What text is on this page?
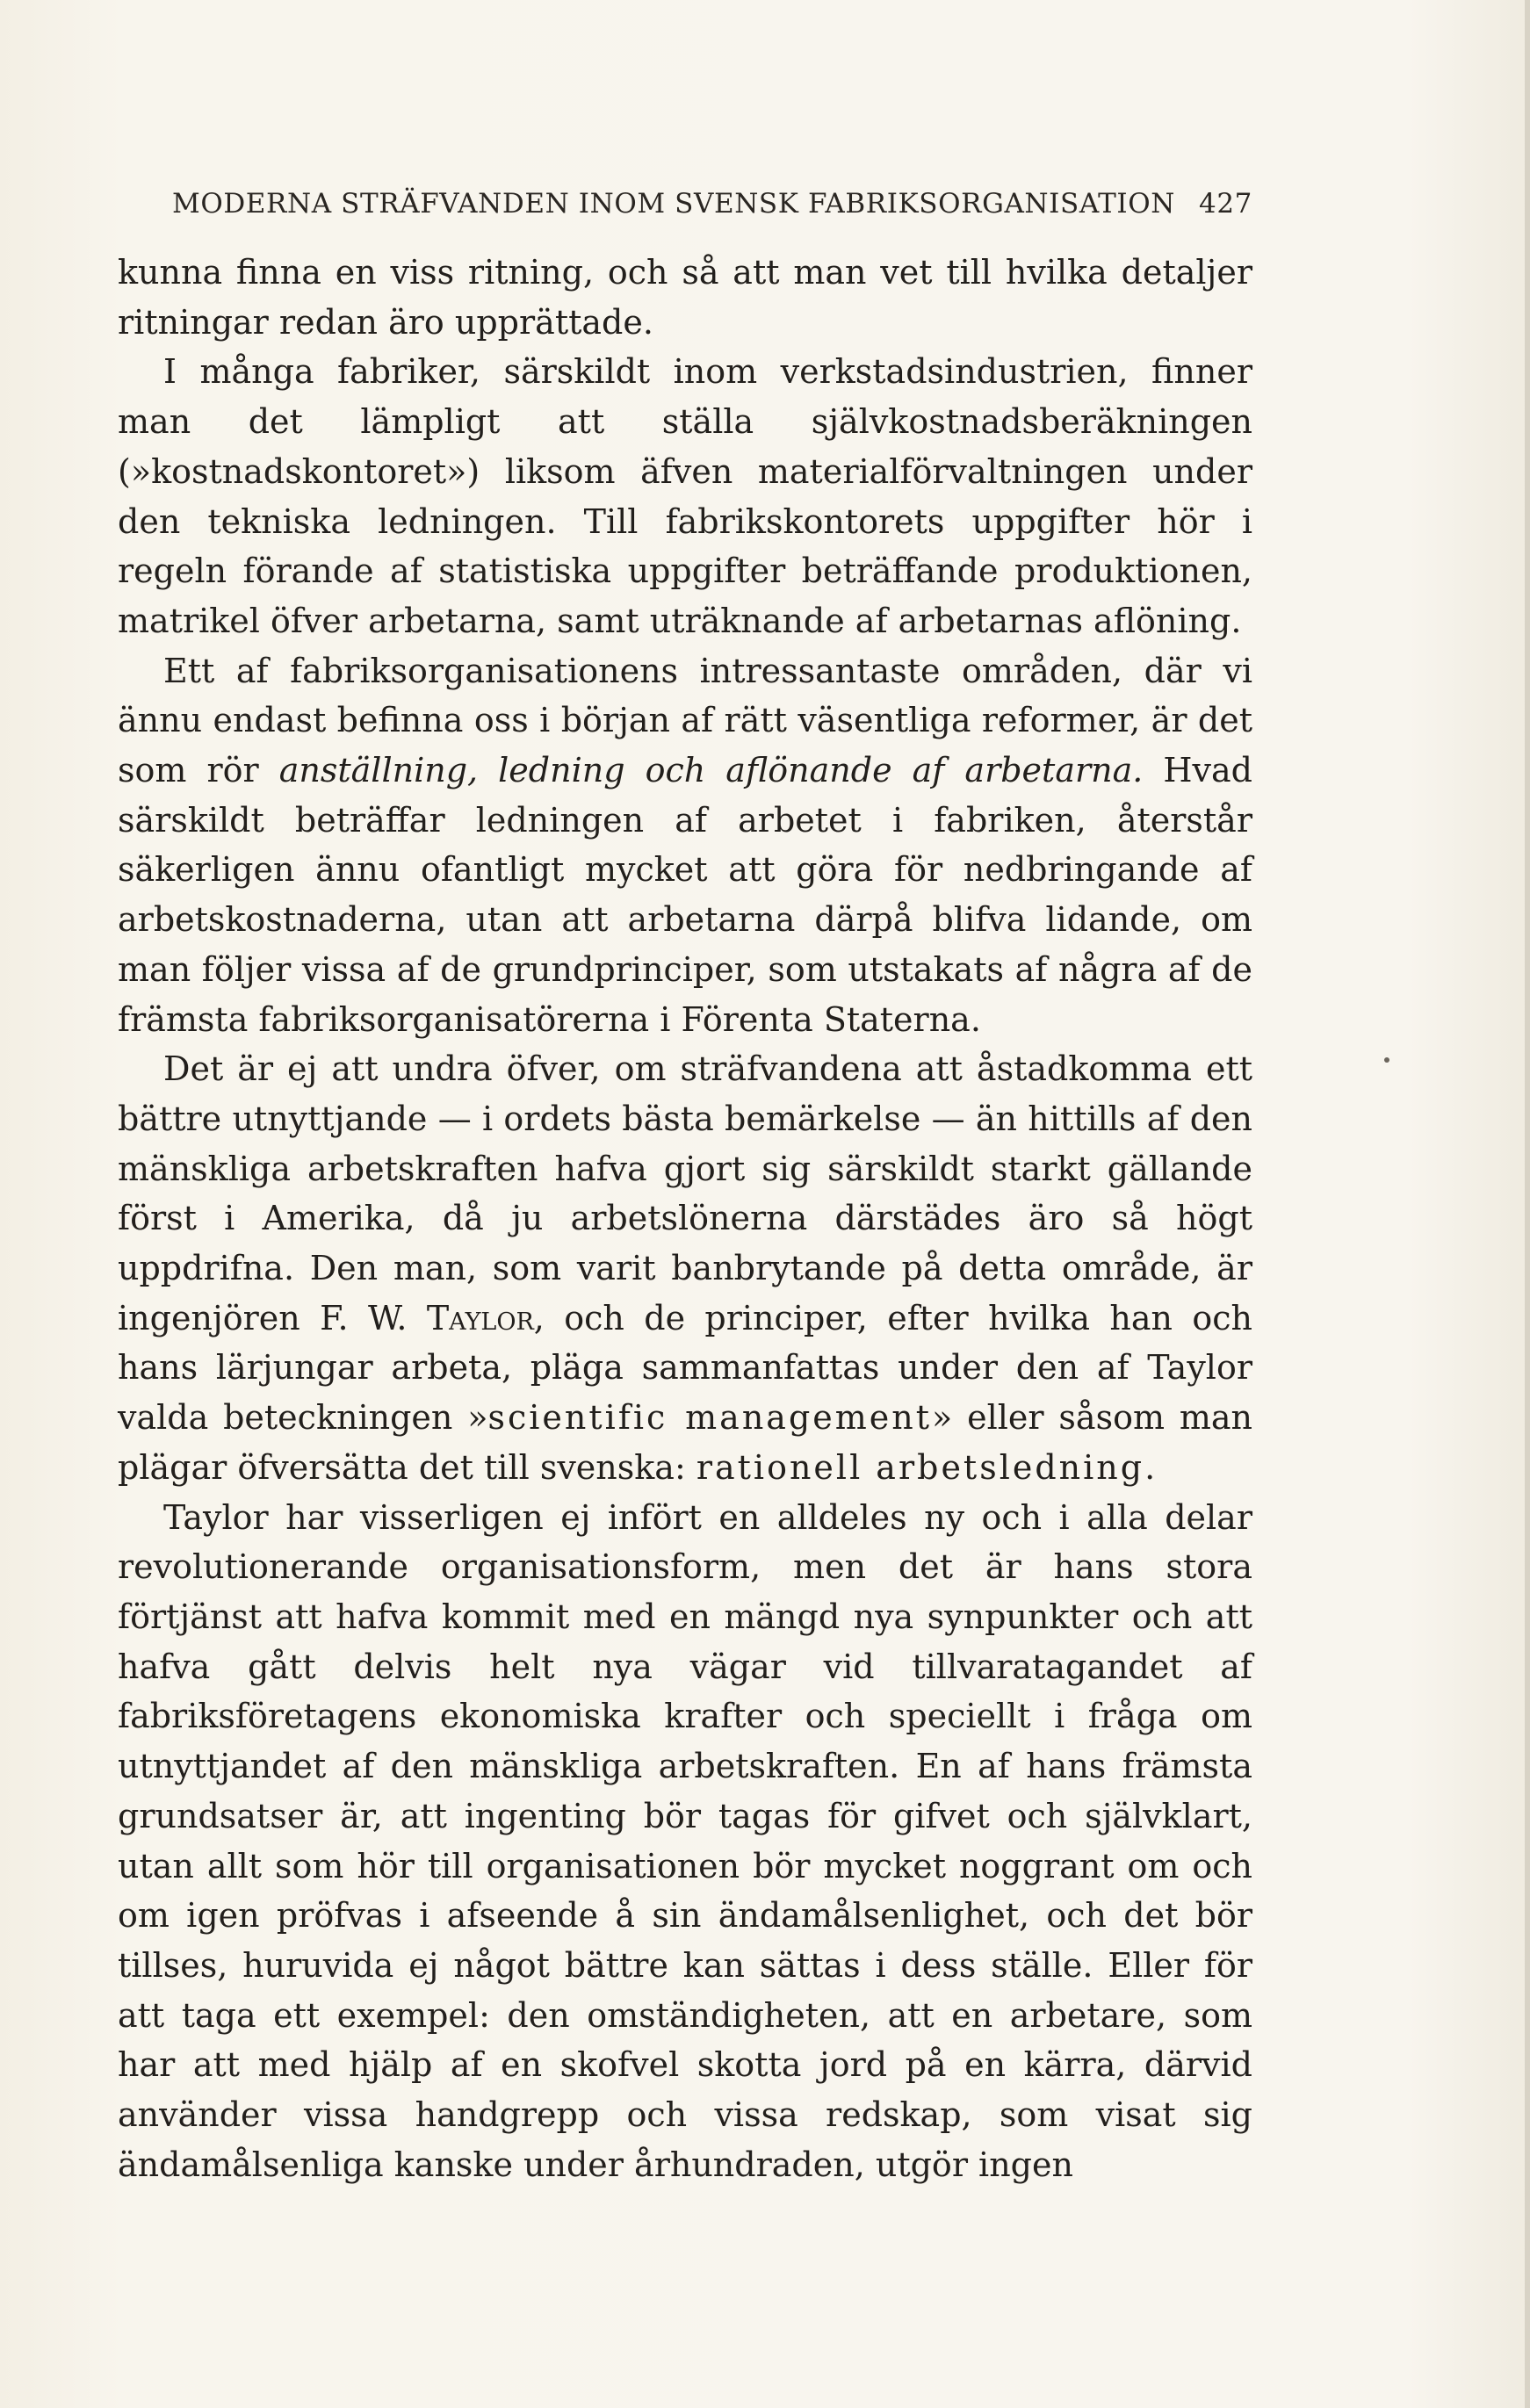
MODERNA STRÄFVANDEN INOM SVENSK FABRIKSORGANISATION 427

kunna finna en viss ritning, och så att man vet till hvilka detaljer ritningar redan äro upprättade.

I många fabriker, särskildt inom verkstadsindustrien, finner man det lämpligt att ställa självkostnadsberäkningen (»kostnadskontoret») liksom äfven materialförvaltningen under den tekniska ledningen. Till fabrikskontorets uppgifter hör i regeln förande af statistiska uppgifter beträffande produktionen, matrikel öfver arbetarna, samt uträknande af arbetarnas aflöning.

Ett af fabriksorganisationens intressantaste områden, där vi ännu endast befinna oss i början af rätt väsentliga reformer, är det som rör anställning, ledning och aflönande af arbetarna. Hvad särskildt beträffar ledningen af arbetet i fabriken, återstår säkerligen ännu ofantligt mycket att göra för nedbringande af arbetskostnaderna, utan att arbetarna därpå blifva lidande, om man följer vissa af de grundprinciper, som utstakats af några af de främsta fabriksorganisatörerna i Förenta Staterna.

Det är ej att undra öfver, om sträfvandena att åstadkomma ett bättre utnyttjande — i ordets bästa bemärkelse — än hittills af den mänskliga arbetskraften hafva gjort sig särskildt starkt gällande först i Amerika, då ju arbetslönerna därstädes äro så högt uppdrifna. Den man, som varit banbrytande på detta område, är ingenjören F. W. Taylor, och de principer, efter hvilka han och hans lärjungar arbeta, pläga sammanfattas under den af Taylor valda beteckningen »scientific management» eller såsom man plägar öfversätta det till svenska: rationell arbetsledning.

Taylor har visserligen ej infört en alldeles ny och i alla delar revolutionerande organisationsform, men det är hans stora förtjänst att hafva kommit med en mängd nya synpunkter och att hafva gått delvis helt nya vägar vid tillvaratagandet af fabriksföretagens ekonomiska krafter och speciellt i fråga om utnyttjandet af den mänskliga arbetskraften. En af hans främsta grundsatser är, att ingenting bör tagas för gifvet och självklart, utan allt som hör till organisationen bör mycket noggrant om och om igen pröfvas i afseende å sin ändamålsenlighet, och det bör tillses, huruvida ej något bättre kan sättas i dess ställe. Eller för att taga ett exempel: den omständigheten, att en arbetare, som har att med hjälp af en skofvel skotta jord på en kärra, därvid använder vissa handgrepp och vissa redskap, som visat sig ändamålsenliga kanske under århundraden, utgör ingen
